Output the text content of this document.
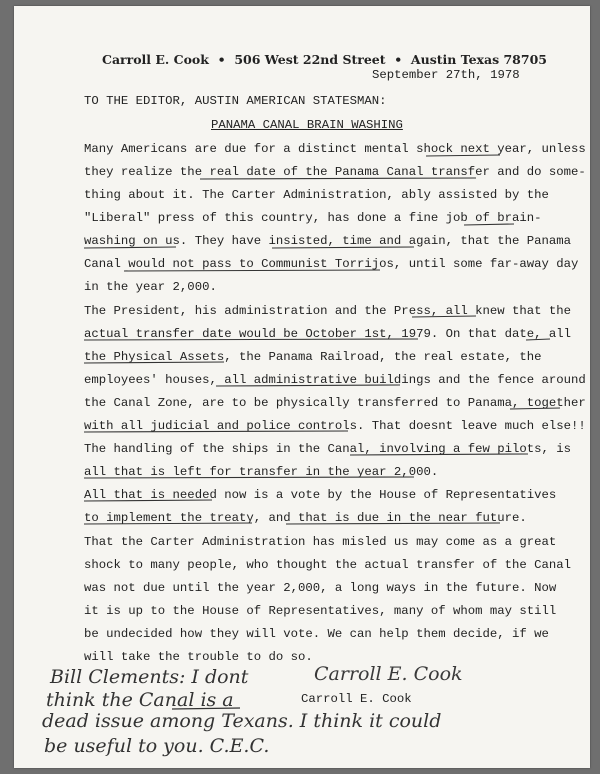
Carroll E. Cook  •  506 West 22nd Street  •  Austin Texas 78705
September 27th, 1978
TO THE EDITOR, AUSTIN AMERICAN STATESMAN:
PANAMA CANAL BRAIN WASHING
Many Americans are due for a distinct mental shock next year, unless
they realize the real date of the Panama Canal transfer and do some-
thing about it. The Carter Administration, ably assisted by the
"Liberal" press of this country, has done a fine job of brain-
washing on us. They have insisted, time and again, that the Panama
Canal would not pass to Communist Torrijos, until some far-away day
in the year 2,000.
The President, his administration and the Press, all knew that the
actual transfer date would be October 1st, 1979. On that date, all
the Physical Assets, the Panama Railroad, the real estate, the
employees' houses, all administrative buildings and the fence around
the Canal Zone, are to be physically transferred to Panama, together
with all judicial and police controls. That doesnt leave much else!!
The handling of the ships in the Canal, involving a few pilots, is
all that is left for transfer in the year 2,000.
All that is needed now is a vote by the House of Representatives
to implement the treaty, and that is due in the near future.
That the Carter Administration has misled us may come as a great
shock to many people, who thought the actual transfer of the Canal
was not due until the year 2,000, a long ways in the future. Now
it is up to the House of Representatives, many of whom may still
be undecided how they will vote. We can help them decide, if we
will take the trouble to do so.
Carroll E. Cook
Carroll E. Cook
Bill Clements: I dont
think the Canal is a
dead issue among Texans. I think it could
be useful to you. C.E.C.
